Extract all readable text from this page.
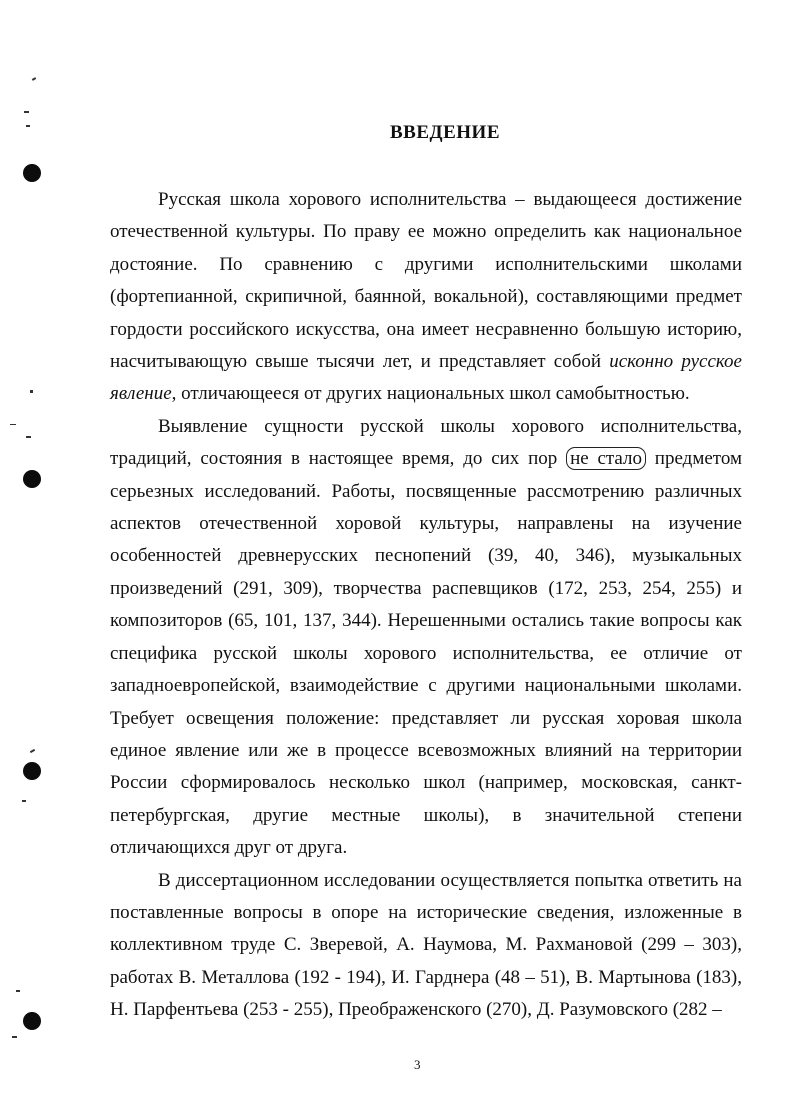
ВВЕДЕНИЕ

Русская школа хорового исполнительства – выдающееся достижение отечественной культуры. По праву ее можно определить как национальное достояние. По сравнению с другими исполнительскими школами (фортепианной, скрипичной, баянной, вокальной), составляющими предмет гордости российского искусства, она имеет несравненно большую историю, насчитывающую свыше тысячи лет, и представляет собой исконно русское явление, отличающееся от других национальных школ самобытностью.

Выявление сущности русской школы хорового исполнительства, традиций, состояния в настоящее время, до сих пор не стало предметом серьезных исследований. Работы, посвященные рассмотрению различных аспектов отечественной хоровой культуры, направлены на изучение особенностей древнерусских песнопений (39, 40, 346), музыкальных произведений (291, 309), творчества распевщиков (172, 253, 254, 255) и композиторов (65, 101, 137, 344). Нерешенными остались такие вопросы как специфика русской школы хорового исполнительства, ее отличие от западноевропейской, взаимодействие с другими национальными школами. Требует освещения положение: представляет ли русская хоровая школа единое явление или же в процессе всевозможных влияний на территории России сформировалось несколько школ (например, московская, санкт-петербургская, другие местные школы), в значительной степени отличающихся друг от друга.

В диссертационном исследовании осуществляется попытка ответить на поставленные вопросы в опоре на исторические сведения, изложенные в коллективном труде С. Зверевой, А. Наумова, М. Рахмановой (299 – 303), работах В. Металлова (192 - 194), И. Гарднера (48 – 51), В. Мартынова (183), Н. Парфентьева (253 - 255), Преображенского (270), Д. Разумовского (282 –

3
